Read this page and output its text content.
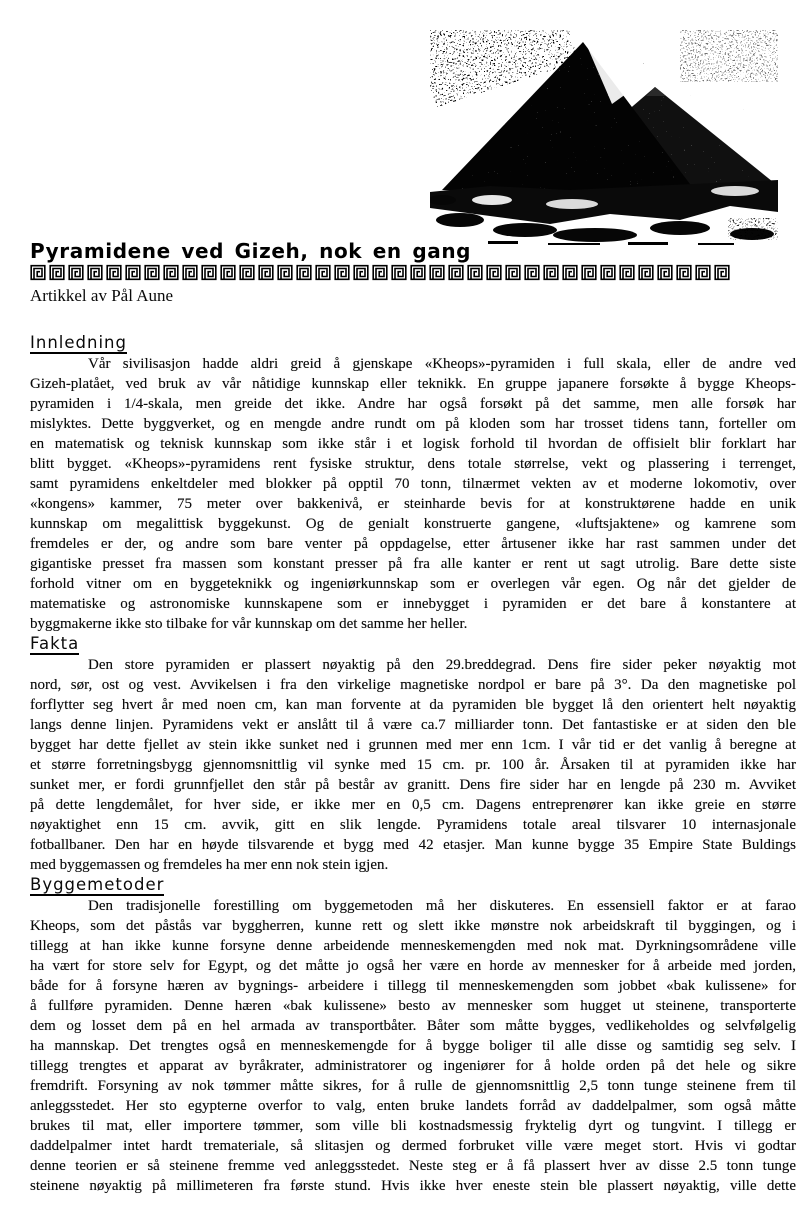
Pyramidene ved Gizeh, nok en gang
Artikkel av Pål Aune
Innledning
Vår sivilisasjon hadde aldri greid å gjenskape «Kheops»-pyramiden i full skala, eller de andre ved
Gizeh-platået, ved bruk av vår nåtidige kunnskap eller teknikk. En gruppe japanere forsøkte å bygge Kheops-
pyramiden i 1/4-skala, men greide det ikke. Andre har også forsøkt på det samme, men alle forsøk har
mislyktes. Dette byggverket, og en mengde andre rundt om på kloden som har trosset tidens tann, forteller om
en matematisk og teknisk kunnskap som ikke står i et logisk forhold til hvordan de offisielt blir forklart har
blitt bygget. «Kheops»-pyramidens rent fysiske struktur, dens totale størrelse, vekt og plassering i terrenget,
samt pyramidens enkeltdeler med blokker på opptil 70 tonn, tilnærmet vekten av et moderne lokomotiv, over
«kongens» kammer, 75 meter over bakkenivå, er steinharde bevis for at konstruktørene hadde en unik
kunnskap om megalittisk byggekunst. Og de genialt konstruerte gangene, «luftsjaktene» og kamrene som
fremdeles er der, og andre som bare venter på oppdagelse, etter årtusener ikke har rast sammen under det
gigantiske presset fra massen som konstant presser på fra alle kanter er rent ut sagt utrolig. Bare dette siste
forhold vitner om en byggeteknikk og ingeniørkunnskap som er overlegen vår egen. Og når det gjelder de
matematiske og astronomiske kunnskapene som er innebygget i pyramiden er det bare å konstantere at
byggmakerne ikke sto tilbake for vår kunnskap om det samme her heller.
Fakta
Den store pyramiden er plassert nøyaktig på den 29.breddegrad. Dens fire sider peker nøyaktig mot
nord, sør, ost og vest. Avvikelsen i fra den virkelige magnetiske nordpol er bare på 3°. Da den magnetiske pol
forflytter seg hvert år med noen cm, kan man forvente at da pyramiden ble bygget lå den orientert helt nøyaktig
langs denne linjen. Pyramidens vekt er anslått til å være ca.7 milliarder tonn. Det fantastiske er at siden den ble
bygget har dette fjellet av stein ikke sunket ned i grunnen med mer enn 1cm. I vår tid er det vanlig å beregne at
et større forretningsbygg gjennomsnittlig vil synke med 15 cm. pr. 100 år. Årsaken til at pyramiden ikke har
sunket mer, er fordi grunnfjellet den står på består av granitt. Dens fire sider har en lengde på 230 m. Avviket
på dette lengdemålet, for hver side, er ikke mer en 0,5 cm. Dagens entreprenører kan ikke greie en større
nøyaktighet enn 15 cm. avvik, gitt en slik lengde. Pyramidens totale areal tilsvarer 10 internasjonale
fotballbaner. Den har en høyde tilsvarende et bygg med 42 etasjer. Man kunne bygge 35 Empire State Buldings
med byggemassen og fremdeles ha mer enn nok stein igjen.
Byggemetoder
Den tradisjonelle forestilling om byggemetoden må her diskuteres. En essensiell faktor er at farao
Kheops, som det påstås var byggherren, kunne rett og slett ikke mønstre nok arbeidskraft til byggingen, og i
tillegg at han ikke kunne forsyne denne arbeidende menneskemengden med nok mat. Dyrkningsområdene ville
ha vært for store selv for Egypt, og det måtte jo også her være en horde av mennesker for å arbeide med jorden,
både for å forsyne hæren av bygnings- arbeidere i tillegg til menneskemengden som jobbet «bak kulissene» for
å fullføre pyramiden. Denne hæren «bak kulissene» besto av mennesker som hugget ut steinene, transporterte
dem og losset dem på en hel armada av transportbåter. Båter som måtte bygges, vedlikeholdes og selvfølgelig
ha mannskap. Det trengtes også en menneskemengde for å bygge boliger til alle disse og samtidig seg selv. I
tillegg trengtes et apparat av byråkrater, administratorer og ingeniører for å holde orden på det hele og sikre
fremdrift. Forsyning av nok tømmer måtte sikres, for å rulle de gjennomsnittlig 2,5 tonn tunge steinene frem til
anleggsstedet. Her sto egypterne overfor to valg, enten bruke landets forråd av daddelpalmer, som også måtte
brukes til mat, eller importere tømmer, som ville bli kostnadsmessig fryktelig dyrt og tungvint. I tillegg er
daddelpalmer intet hardt tremateriale, så slitasjen og dermed forbruket ville være meget stort. Hvis vi godtar
denne teorien er så steinene fremme ved anleggsstedet. Neste steg er å få plassert hver av disse 2.5 tonn tunge
steinene nøyaktig på millimeteren fra første stund. Hvis ikke hver eneste stein ble plassert nøyaktig, ville dette
